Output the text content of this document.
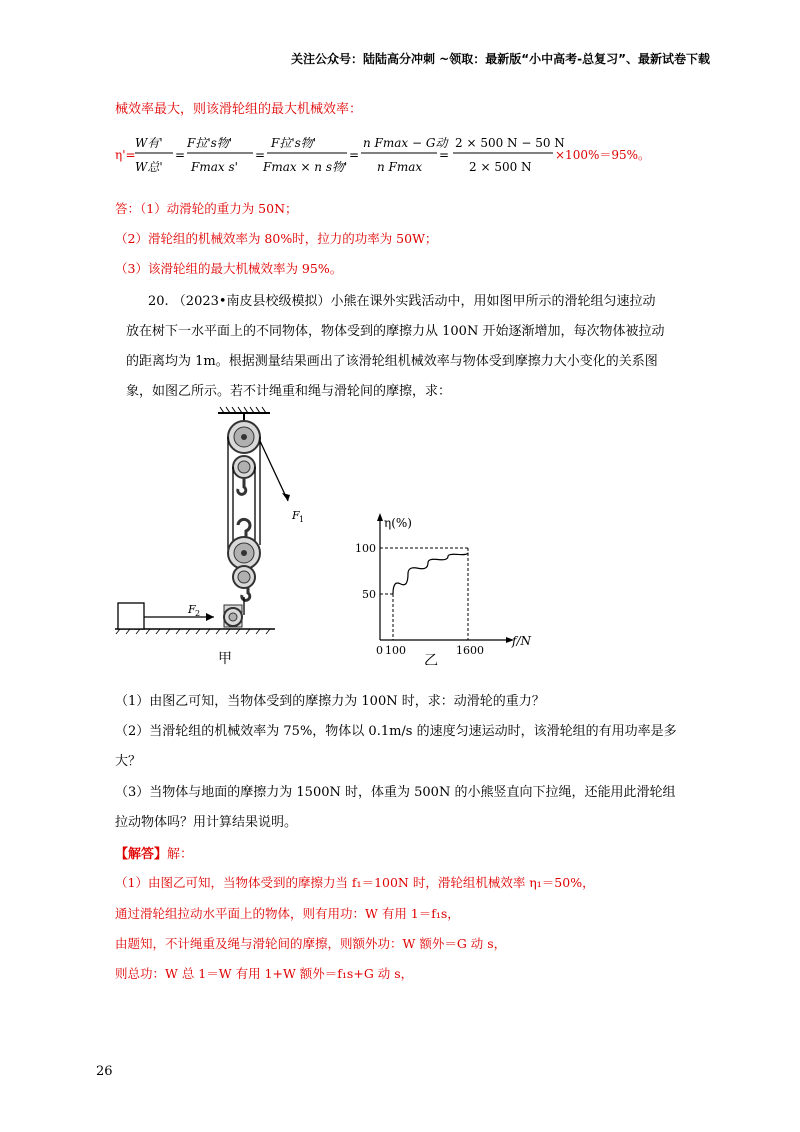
关注公众号：陆陆高分冲刺 ~领取：最新版“小中高考-总复习”、最新试卷下载
械效率最大，则该滑轮组的最大机械效率：
η'=
W有'
W总'
=
F拉's物'
Fmax s'
=
F拉's物'
Fmax × n s物'
=
n Fmax − G动
n Fmax
=
2 × 500 N − 50 N
2 × 500 N
×100%＝95%。
答：（1）动滑轮的重力为 50N；
（2）滑轮组的机械效率为 80%时，拉力的功率为 50W；
（3）该滑轮组的最大机械效率为 95%。
20. （2023•南皮县校级模拟）小熊在课外实践活动中，用如图甲所示的滑轮组匀速拉动
放在树下一水平面上的不同物体，物体受到的摩擦力从 100N 开始逐渐增加，每次物体被拉动
的距离均为 1m。根据测量结果画出了该滑轮组机械效率与物体受到摩擦力大小变化的关系图
象，如图乙所示。若不计绳重和绳与滑轮间的摩擦，求：
F 1
F 2
甲
η(%)
f/N
0 100	1600
50
100
乙
（1）由图乙可知，当物体受到的摩擦力为 100N 时，求：动滑轮的重力？
（2）当滑轮组的机械效率为 75%，物体以 0.1m/s 的速度匀速运动时，该滑轮组的有用功率是多
大？
（3）当物体与地面的摩擦力为 1500N 时，体重为 500N 的小熊竖直向下拉绳，还能用此滑轮组
拉动物体吗？用计算结果说明。
【解答】解：
（1）由图乙可知，当物体受到的摩擦力当 f₁＝100N 时，滑轮组机械效率 η₁＝50%，
通过滑轮组拉动水平面上的物体，则有用功：W 有用 1＝f₁s，
由题知，不计绳重及绳与滑轮间的摩擦，则额外功：W 额外＝G 动 s，
则总功：W 总 1＝W 有用 1+W 额外＝f₁s+G 动 s，
26
